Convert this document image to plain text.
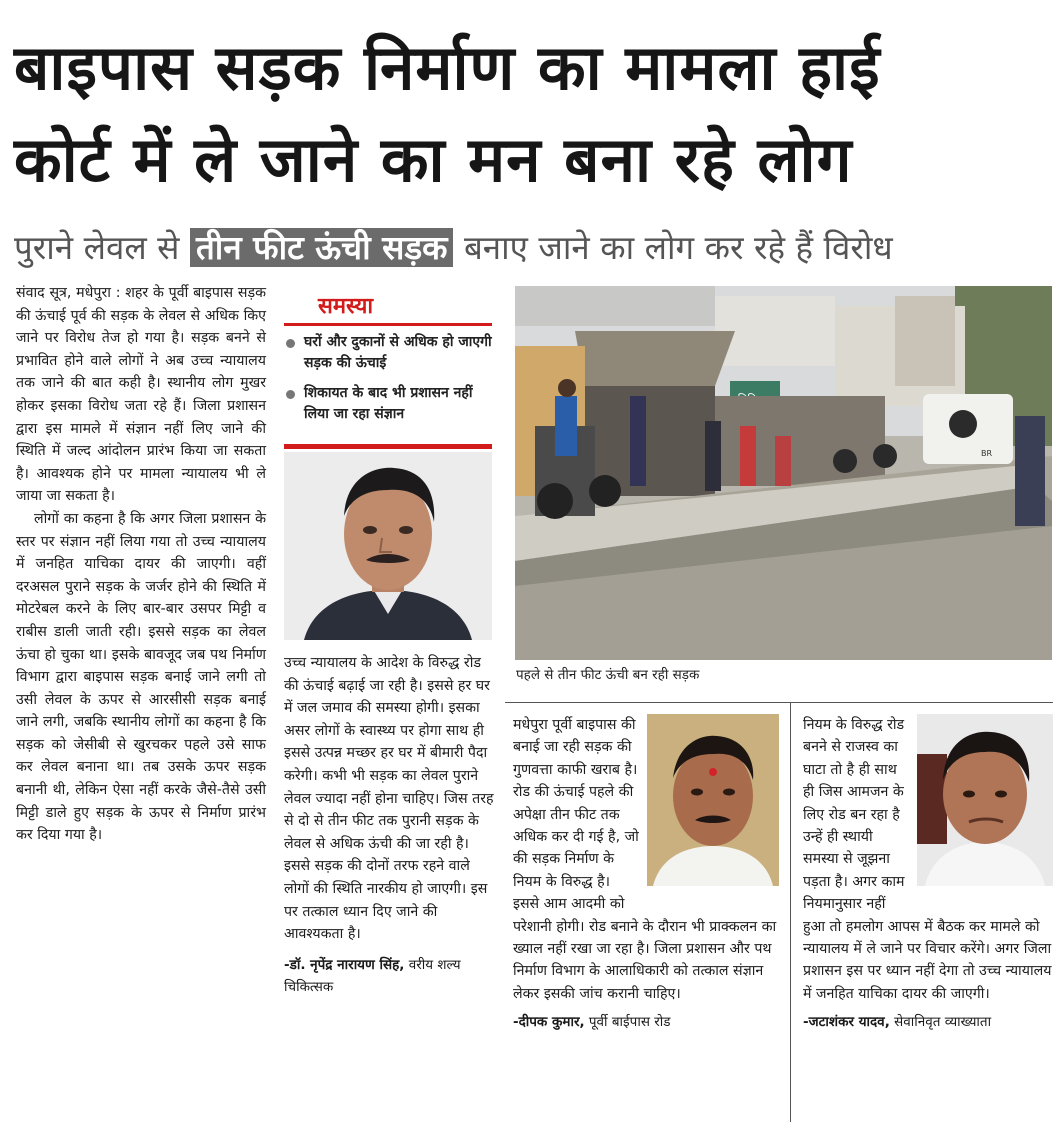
बाइपास सड़क निर्माण का मामला हाई
कोर्ट में ले जाने का मन बना रहे लोग
पुराने लेवल से तीन फीट ऊंची सड़क बनाए जाने का लोग कर रहे हैं विरोध

संवाद सूत्र, मधेपुरा : शहर के पूर्वी बाइपास सड़क की ऊंचाई पूर्व की सड़क के लेवल से अधिक किए जाने पर विरोध तेज हो गया है। सड़क बनने से प्रभावित होने वाले लोगों ने अब उच्च न्यायालय तक जाने की बात कही है। स्थानीय लोग मुखर होकर इसका विरोध जता रहे हैं। जिला प्रशासन द्वारा इस मामले में संज्ञान नहीं लिए जाने की स्थिति में जल्द आंदोलन प्रारंभ किया जा सकता है। आवश्यक होने पर मामला न्यायालय भी ले जाया जा सकता है।

लोगों का कहना है कि अगर जिला प्रशासन के स्तर पर संज्ञान नहीं लिया गया तो उच्च न्यायालय में जनहित याचिका दायर की जाएगी। वहीं दरअसल पुराने सड़क के जर्जर होने की स्थिति में मोटरेबल करने के लिए बार-बार उसपर मिट्टी व राबीस डाली जाती रही। इससे सड़क का लेवल ऊंचा हो चुका था। इसके बावजूद जब पथ निर्माण विभाग द्वारा बाइपास सड़क बनाई जाने लगी तो उसी लेवल के ऊपर से आरसीसी सड़क बनाई जाने लगी, जबकि स्थानीय लोगों का कहना है कि सड़क को जेसीबी से खुरचकर पहले उसे साफ कर लेवल बनाना था। तब उसके ऊपर सड़क बनानी थी, लेकिन ऐसा नहीं करके जैसे-तैसे उसी मिट्टी डाले हुए सड़क के ऊपर से निर्माण प्रारंभ कर दिया गया है।

समस्या
घरों और दुकानों से अधिक हो जाएगी सड़क की ऊंचाई
शिकायत के बाद भी प्रशासन नहीं लिया जा रहा संज्ञान

उच्च न्यायालय के आदेश के विरुद्ध रोड की ऊंचाई बढ़ाई जा रही है। इससे हर घर में जल जमाव की समस्या होगी। इसका असर लोगों के स्वास्थ्य पर होगा साथ ही इससे उत्पन्न मच्छर हर घर में बीमारी पैदा करेगी। कभी भी सड़क का लेवल पुराने लेवल ज्यादा नहीं होना चाहिए। जिस तरह से दो से तीन फीट तक पुरानी सड़क के लेवल से अधिक ऊंची की जा रही है। इससे सड़क की दोनों तरफ रहने वाले लोगों की स्थिति नारकीय हो जाएगी। इस पर तत्काल ध्यान दिए जाने की आवश्यकता है।

-डॉ. नृपेंद्र नारायण सिंह, वरीय शल्य चिकित्सक

BR
पहले से तीन फीट ऊंची बन रही सड़क

मधेपुरा पूर्वी बाइपास की बनाई जा रही सड़क की गुणवत्ता काफी खराब है। रोड की ऊंचाई पहले की अपेक्षा तीन फीट तक अधिक कर दी गई है, जो की सड़क निर्माण के नियम के विरुद्ध है। इससे आम आदमी को परेशानी होगी। रोड बनाने के दौरान भी प्राक्कलन का ख्याल नहीं रखा जा रहा है। जिला प्रशासन और पथ निर्माण विभाग के आलाधिकारी को तत्काल संज्ञान लेकर इसकी जांच करानी चाहिए।

-दीपक कुमार, पूर्वी बाईपास रोड

नियम के विरुद्ध रोड बनने से राजस्व का घाटा तो है ही साथ ही जिस आमजन के लिए रोड बन रहा है उन्हें ही स्थायी समस्या से जूझना पड़ता है। अगर काम नियमानुसार नहीं हुआ तो हमलोग आपस में बैठक कर मामले को न्यायालय में ले जाने पर विचार करेंगे। अगर जिला प्रशासन इस पर ध्यान नहीं देगा तो उच्च न्यायालय में जनहित याचिका दायर की जाएगी।

-जटाशंकर यादव, सेवानिवृत व्याख्याता
